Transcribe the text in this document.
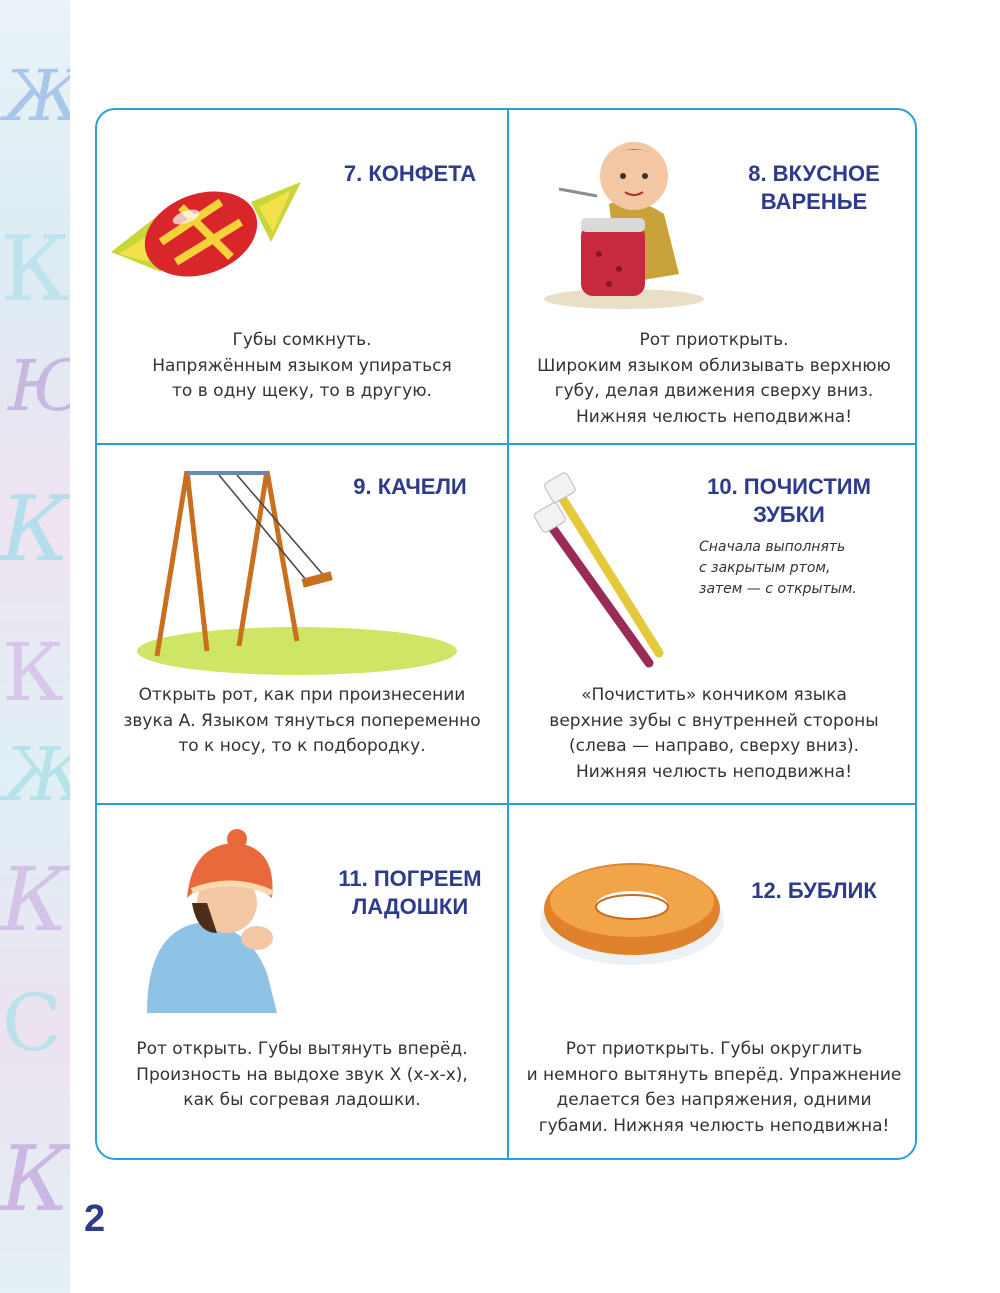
Ж
К
Ю
К
К
Ж
К
С
К
7. КОНФЕТА
Губы сомкнуть.
Напряжённым языком упираться
то в одну щеку, то в другую.
8. ВКУСНОЕ
ВАРЕНЬЕ
Рот приоткрыть.
Широким языком облизывать верхнюю
губу, делая движения сверху вниз.
Нижняя челюсть неподвижна!
9. КАЧЕЛИ
Открыть рот, как при произнесении
звука А. Языком тянуться попеременно
то к носу, то к подбородку.
10. ПОЧИСТИМ
ЗУБКИ
Сначала выполнять
с закрытым ртом,
затем — с открытым.
«Почистить» кончиком языка
верхние зубы с внутренней стороны
(слева — направо, сверху вниз).
Нижняя челюсть неподвижна!
11. ПОГРЕЕМ
ЛАДОШКИ
Рот открыть. Губы вытянуть вперёд.
Произность на выдохе звук Х (х-х-х),
как бы согревая ладошки.
12. БУБЛИК
Рот приоткрыть. Губы округлить
и немного вытянуть вперёд. Упражнение
делается без напряжения, одними
губами. Нижняя челюсть неподвижна!
2
